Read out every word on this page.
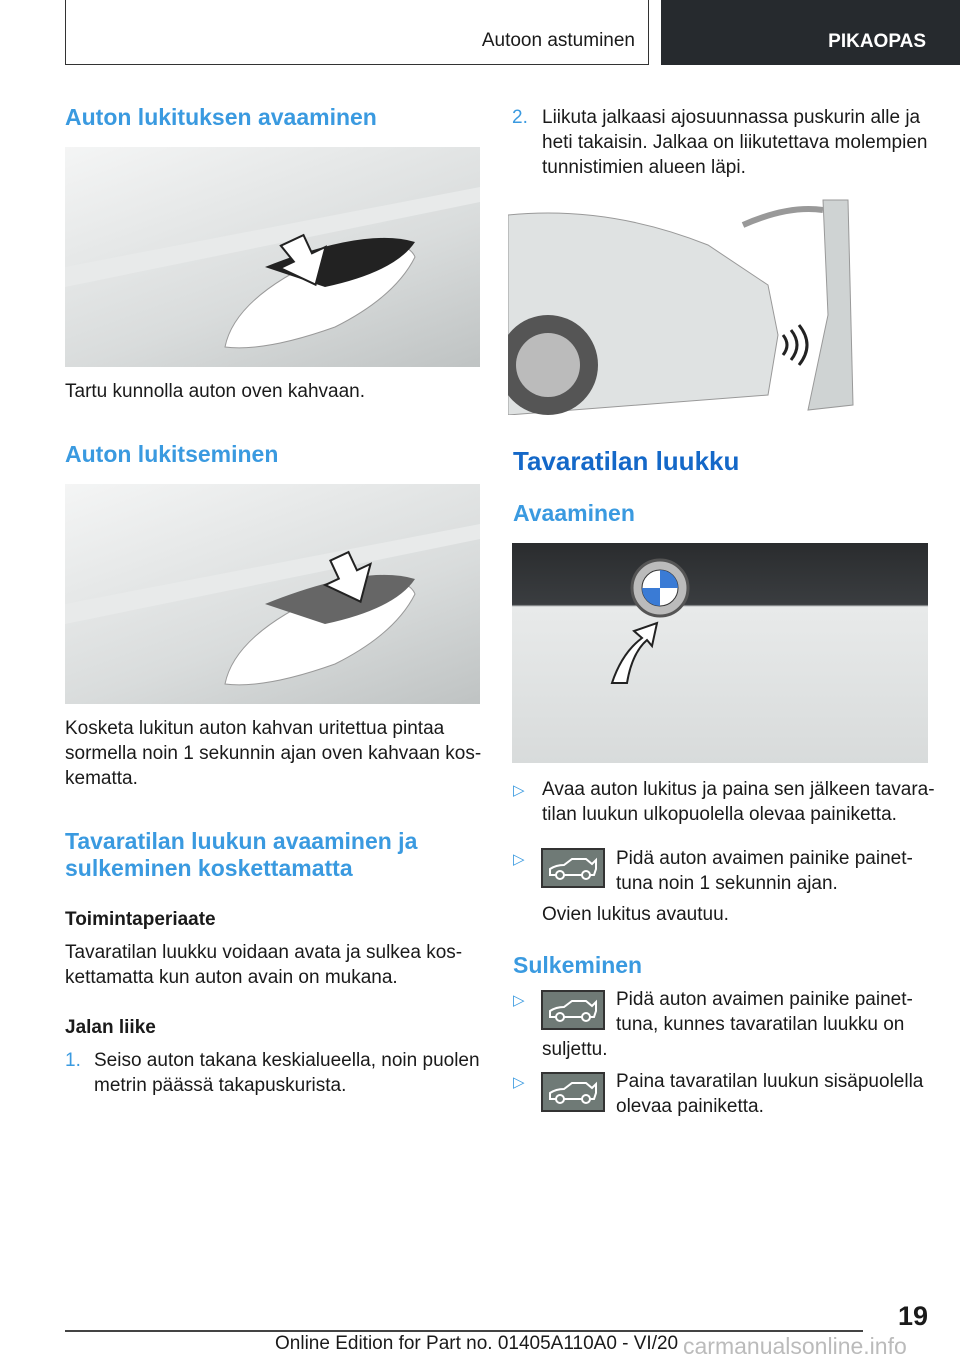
Autoon astuminen	PIKAOPAS
Auton lukituksen avaaminen
Tartu kunnolla auton oven kahvaan.
Auton lukitseminen
Kosketa lukitun auton kahvan uritettua pintaa
sormella noin 1 sekunnin ajan oven kahvaan kos-
kematta.
Tavaratilan luukun avaaminen ja
sulkeminen koskettamatta
Toimintaperiaate
Tavaratilan luukku voidaan avata ja sulkea kos-
kettamatta kun auton avain on mukana.
Jalan liike
1. Seiso auton takana keskialueella, noin puolen
metrin päässä takapuskurista.
2. Liikuta jalkaasi ajosuunnassa puskurin alle ja
heti takaisin. Jalkaa on liikutettava molempien
tunnistimien alueen läpi.
Tavaratilan luukku
Avaaminen
▷ Avaa auton lukitus ja paina sen jälkeen tavara-
tilan luukun ulkopuolella olevaa painiketta.
▷	Pidä auton avaimen painike painet-
tuna noin 1 sekunnin ajan.
Ovien lukitus avautuu.
Sulkeminen
▷	Pidä auton avaimen painike painet-
tuna, kunnes tavaratilan luukku on
suljettu.
▷	Paina tavaratilan luukun sisäpuolella
olevaa painiketta.
19
Online Edition for Part no. 01405A110A0 - VI/20 carmanualsonline.info
